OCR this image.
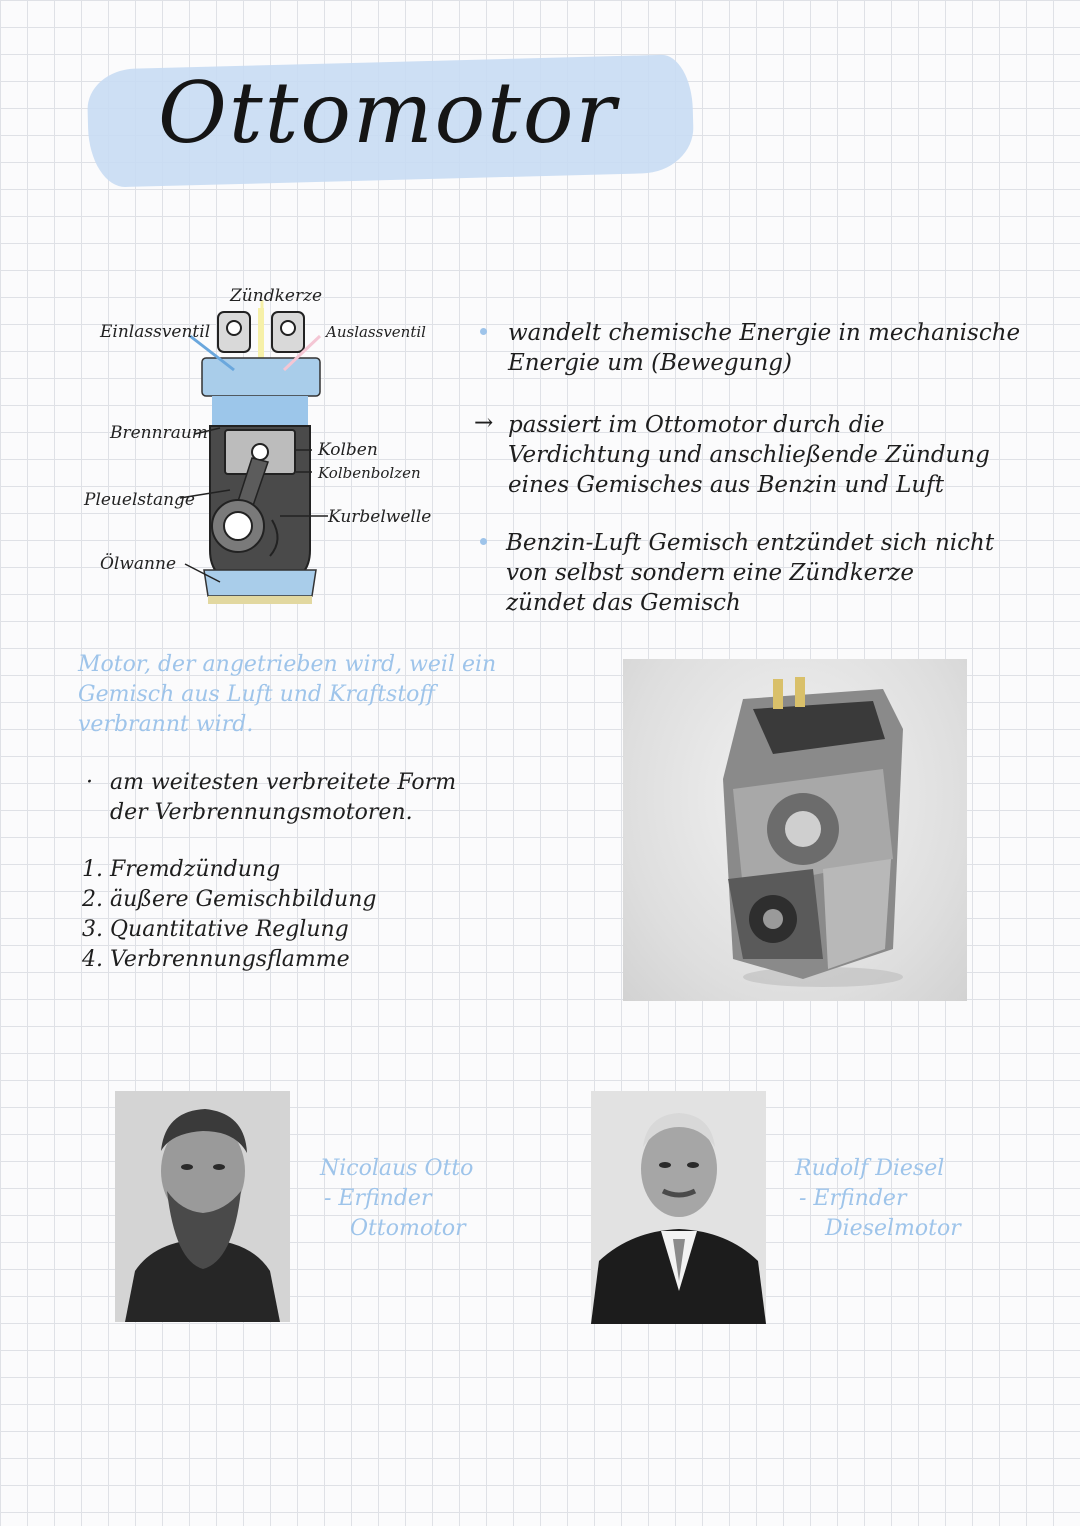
Ottomotor
Zündkerze
Einlassventil	Auslassventil
Brennraum
Kolben
Kolbenbolzen
Pleuelstange
Kurbelwelle
Ölwanne
wandelt chemische Energie in mechanische Energie um (Bewegung)
→ passiert im Ottomotor durch die Verdichtung und anschließende Zündung eines Gemisches aus Benzin und Luft
Benzin-Luft Gemisch entzündet sich nicht von selbst sondern eine Zündkerze zündet das Gemisch
Motor, der angetrieben wird, weil ein Gemisch aus Luft und Kraftstoff verbrannt wird.
· am weitesten verbreitete Form der Verbrennungsmotoren.
1. Fremdzündung
2. äußere Gemischbildung
3. Quantitative Reglung
4. Verbrennungsflamme
Nicolaus Otto
- Erfinder
Ottomotor
Rudolf Diesel
- Erfinder
Dieselmotor
